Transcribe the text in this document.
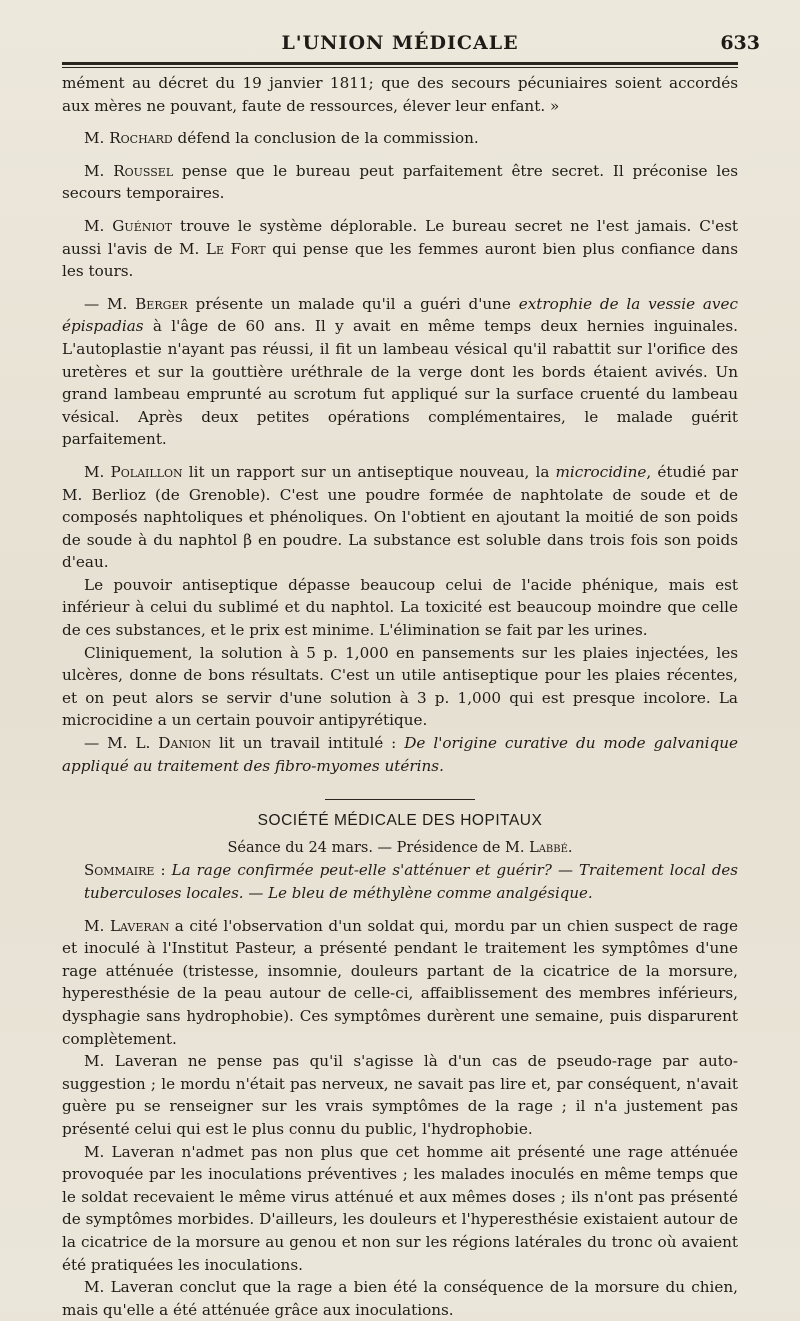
L'UNION MÉDICALE	633

mément au décret du 19 janvier 1811; que des secours pécuniaires soient accordés aux mères ne pouvant, faute de ressources, élever leur enfant. »

M. Rochard défend la conclusion de la commission.

M. Roussel pense que le bureau peut parfaitement être secret. Il préconise les secours temporaires.

M. Guéniot trouve le système déplorable. Le bureau secret ne l'est jamais. C'est aussi l'avis de M. Le Fort qui pense que les femmes auront bien plus confiance dans les tours.

— M. Berger présente un malade qu'il a guéri d'une extrophie de la vessie avec épispadias à l'âge de 60 ans. Il y avait en même temps deux hernies inguinales. L'autoplastie n'ayant pas réussi, il fit un lambeau vésical qu'il rabattit sur l'orifice des uretères et sur la gouttière uréthrale de la verge dont les bords étaient avivés. Un grand lambeau emprunté au scrotum fut appliqué sur la surface cruenté du lambeau vésical. Après deux petites opérations complémentaires, le malade guérit parfaitement.

M. Polaillon lit un rapport sur un antiseptique nouveau, la microcidine, étudié par M. Berlioz (de Grenoble). C'est une poudre formée de naphtolate de soude et de composés naphtoliques et phénoliques. On l'obtient en ajoutant la moitié de son poids de soude à du naphtol β en poudre. La substance est soluble dans trois fois son poids d'eau.

Le pouvoir antiseptique dépasse beaucoup celui de l'acide phénique, mais est inférieur à celui du sublimé et du naphtol. La toxicité est beaucoup moindre que celle de ces substances, et le prix est minime. L'élimination se fait par les urines.

Cliniquement, la solution à 5 p. 1,000 en pansements sur les plaies injectées, les ulcères, donne de bons résultats. C'est un utile antiseptique pour les plaies récentes, et on peut alors se servir d'une solution à 3 p. 1,000 qui est presque incolore. La microcidine a un certain pouvoir antipyrétique.

— M. L. Danion lit un travail intitulé : De l'origine curative du mode galvanique appliqué au traitement des fibro-myomes utérins.

SOCIÉTÉ MÉDICALE DES HOPITAUX
Séance du 24 mars. — Présidence de M. Labbé.

Sommaire : La rage confirmée peut-elle s'atténuer et guérir? — Traitement local des tuberculoses locales. — Le bleu de méthylène comme analgésique.

M. Laveran a cité l'observation d'un soldat qui, mordu par un chien suspect de rage et inoculé à l'Institut Pasteur, a présenté pendant le traitement les symptômes d'une rage atténuée (tristesse, insomnie, douleurs partant de la cicatrice de la morsure, hyperesthésie de la peau autour de celle-ci, affaiblissement des membres inférieurs, dysphagie sans hydrophobie). Ces symptômes durèrent une semaine, puis disparurent complètement.

M. Laveran ne pense pas qu'il s'agisse là d'un cas de pseudo-rage par auto-suggestion ; le mordu n'était pas nerveux, ne savait pas lire et, par conséquent, n'avait guère pu se renseigner sur les vrais symptômes de la rage ; il n'a justement pas présenté celui qui est le plus connu du public, l'hydrophobie.

M. Laveran n'admet pas non plus que cet homme ait présenté une rage atténuée provoquée par les inoculations préventives ; les malades inoculés en même temps que le soldat recevaient le même virus atténué et aux mêmes doses ; ils n'ont pas présenté de symptômes morbides. D'ailleurs, les douleurs et l'hyperesthésie existaient autour de la cicatrice de la morsure au genou et non sur les régions latérales du tronc où avaient été pratiquées les inoculations.

M. Laveran conclut que la rage a bien été la conséquence de la morsure du chien, mais qu'elle a été atténuée grâce aux inoculations.
